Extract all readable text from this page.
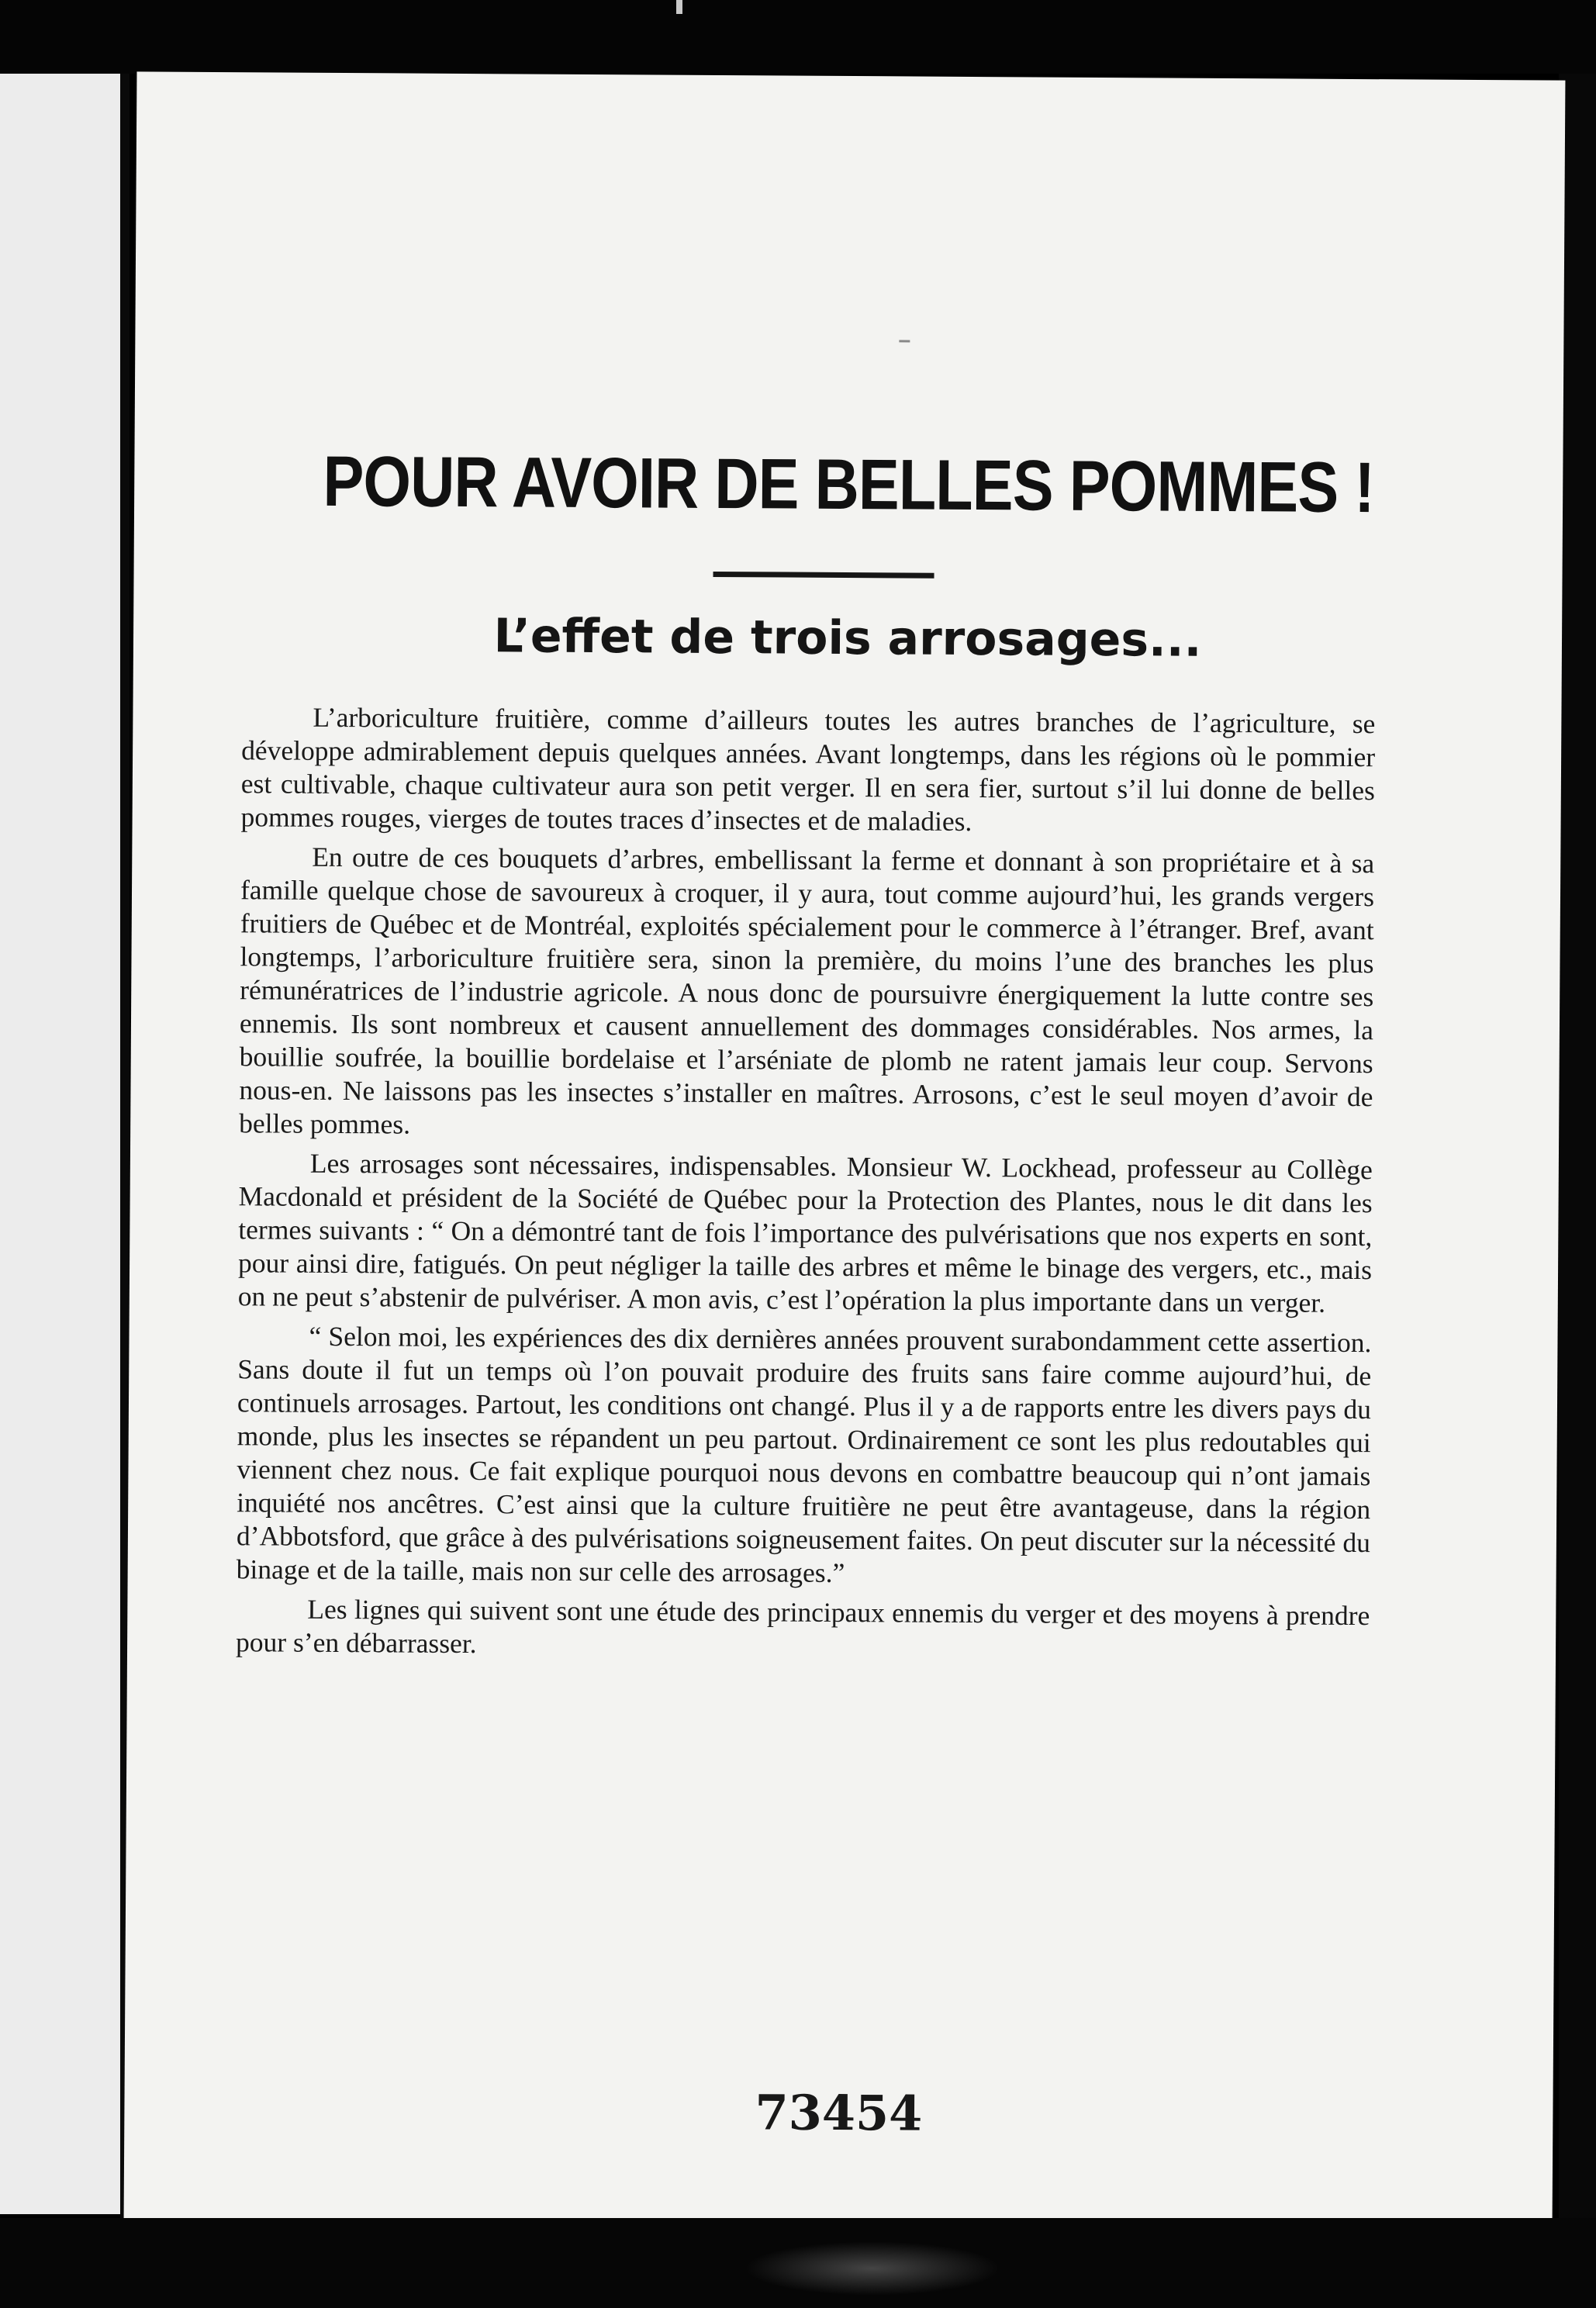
POUR AVOIR DE BELLES POMMES !
L’effet de trois arrosages...

L’arboriculture fruitière, comme d’ailleurs toutes les autres branches de l’agriculture, se développe admirablement depuis quelques années. Avant longtemps, dans les régions où le pommier est cultivable, chaque cultivateur aura son petit verger. Il en sera fier, surtout s’il lui donne de belles pommes rouges, vierges de toutes traces d’insectes et de maladies.

En outre de ces bouquets d’arbres, embellissant la ferme et donnant à son propriétaire et à sa famille quelque chose de savoureux à croquer, il y aura, tout comme aujourd’hui, les grands vergers fruitiers de Québec et de Montréal, exploités spécialement pour le commerce à l’étranger. Bref, avant longtemps, l’arboriculture fruitière sera, sinon la première, du moins l’une des branches les plus rémunératrices de l’industrie agricole. A nous donc de poursuivre énergiquement la lutte contre ses ennemis. Ils sont nombreux et causent annuellement des dommages considérables. Nos armes, la bouillie soufrée, la bouillie bordelaise et l’arséniate de plomb ne ratent jamais leur coup. Servons nous-en. Ne laissons pas les insectes s’installer en maîtres. Arrosons, c’est le seul moyen d’avoir de belles pommes.

Les arrosages sont nécessaires, indispensables. Monsieur W. Lockhead, professeur au Collège Macdonald et président de la Société de Québec pour la Protection des Plantes, nous le dit dans les termes suivants : “ On a démontré tant de fois l’importance des pulvérisations que nos experts en sont, pour ainsi dire, fatigués. On peut négliger la taille des arbres et même le binage des vergers, etc., mais on ne peut s’abstenir de pulvériser. A mon avis, c’est l’opération la plus importante dans un verger.

“ Selon moi, les expériences des dix dernières années prouvent surabondamment cette assertion. Sans doute il fut un temps où l’on pouvait produire des fruits sans faire comme aujourd’hui, de continuels arrosages. Partout, les conditions ont changé. Plus il y a de rapports entre les divers pays du monde, plus les insectes se répandent un peu partout. Ordinairement ce sont les plus redoutables qui viennent chez nous. Ce fait explique pourquoi nous devons en combattre beaucoup qui n’ont jamais inquiété nos ancêtres. C’est ainsi que la culture fruitière ne peut être avantageuse, dans la région d’Abbotsford, que grâce à des pulvérisations soigneusement faites. On peut discuter sur la nécessité du binage et de la taille, mais non sur celle des arrosages.”

Les lignes qui suivent sont une étude des principaux ennemis du verger et des moyens à prendre pour s’en débarrasser.

73454
